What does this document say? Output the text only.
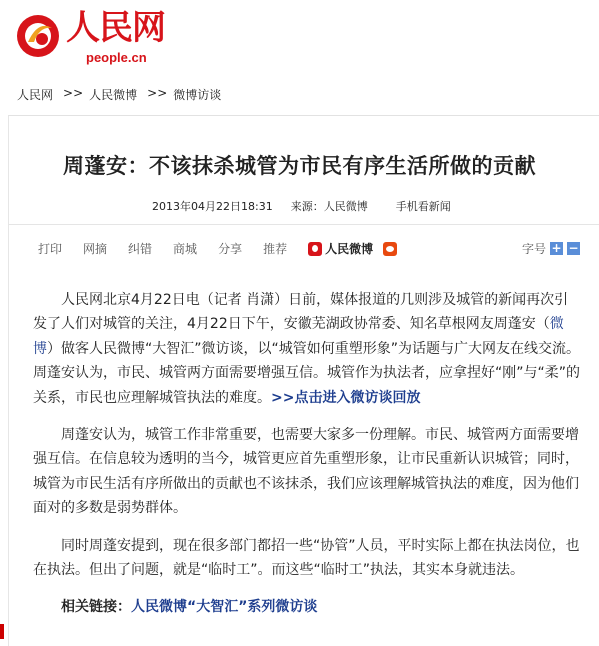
人民网
people.cn
人民网 >> 人民微博 >> 微博访谈
周蓬安：不该抹杀城管为市民有序生活所做的贡献
2013年04月22日18:31 来源：人民微博	手机看新闻
打印 网摘 纠错 商城 分享 推荐	人民微博	字号 + −

人民网北京4月22日电（记者 肖潇）日前，媒体报道的几则涉及城管的新闻再次引发了人们对城管的关注，4月22日下午，安徽芜湖政协常委、知名草根网友周蓬安（微博）做客人民微博“大智汇”微访谈，以“城管如何重塑形象”为话题与广大网友在线交流。周蓬安认为，市民、城管两方面需要增强互信。城管作为执法者，应拿捏好“刚”与“柔”的关系，市民也应理解城管执法的难度。>>点击进入微访谈回放

周蓬安认为，城管工作非常重要，也需要大家多一份理解。市民、城管两方面需要增强互信。在信息较为透明的当今，城管更应首先重塑形象，让市民重新认识城管；同时，城管为市民生活有序所做出的贡献也不该抹杀，我们应该理解城管执法的难度，因为他们面对的多数是弱势群体。

同时周蓬安提到，现在很多部门都招一些“协管”人员，平时实际上都在执法岗位，也在执法。但出了问题，就是“临时工”。而这些“临时工”执法，其实本身就违法。

相关链接：人民微博“大智汇”系列微访谈
